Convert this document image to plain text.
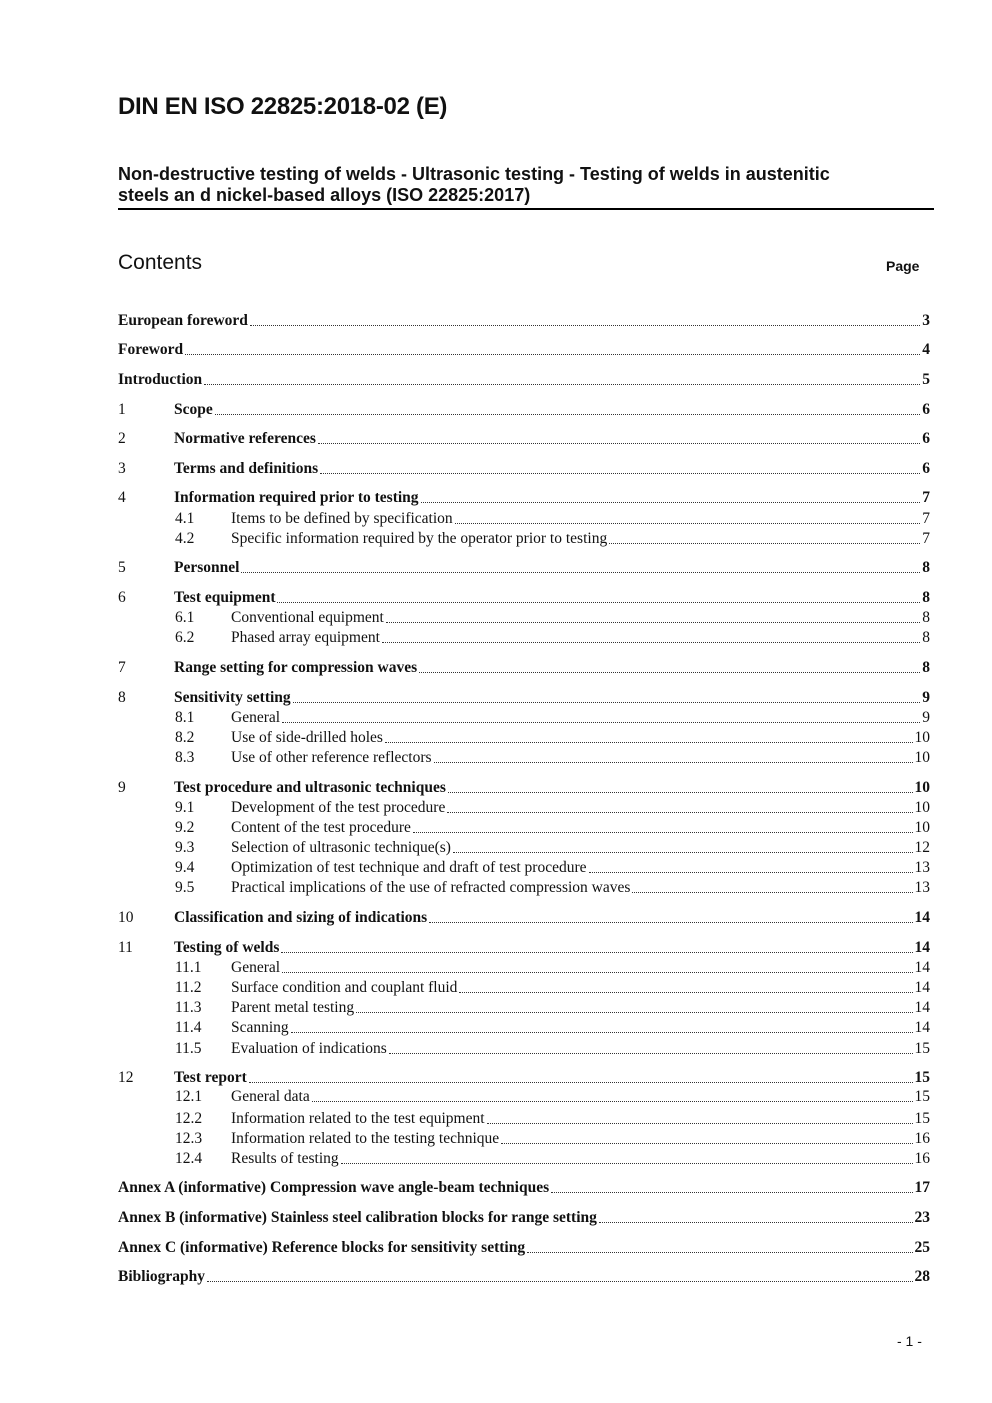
DIN EN ISO 22825:2018-02 (E)
Non-destructive testing of welds - Ultrasonic testing - Testing of welds in austenitic
steels an d nickel-based alloys (ISO 22825:2017)
Contents	Page
European foreword	3
Foreword	4
Introduction	5
1	Scope	6
2	Normative references	6
3	Terms and definitions	6
4	Information required prior to testing	7
4.1	Items to be defined by specification	7
4.2	Specific information required by the operator prior to testing	7
5	Personnel	8
6	Test equipment	8
6.1	Conventional equipment	8
6.2	Phased array equipment	8
7	Range setting for compression waves	8
8	Sensitivity setting	9
8.1	General	9
8.2	Use of side-drilled holes	10
8.3	Use of other reference reflectors	10
9	Test procedure and ultrasonic techniques	10
9.1	Development of the test procedure	10
9.2	Content of the test procedure	10
9.3	Selection of ultrasonic technique(s)	12
9.4	Optimization of test technique and draft of test procedure	13
9.5	Practical implications of the use of refracted compression waves	13
10	Classification and sizing of indications	14
11	Testing of welds	14
11.1	General	14
11.2	Surface condition and couplant fluid	14
11.3	Parent metal testing	14
11.4	Scanning	14
11.5	Evaluation of indications	15
12	Test report	15
12.1	General data	15
12.2	Information related to the test equipment	15
12.3	Information related to the testing technique	16
12.4	Results of testing	16
Annex A (informative) Compression wave angle-beam techniques	17
Annex B (informative) Stainless steel calibration blocks for range setting	23
Annex C (informative) Reference blocks for sensitivity setting	25
Bibliography	28
- 1 -
